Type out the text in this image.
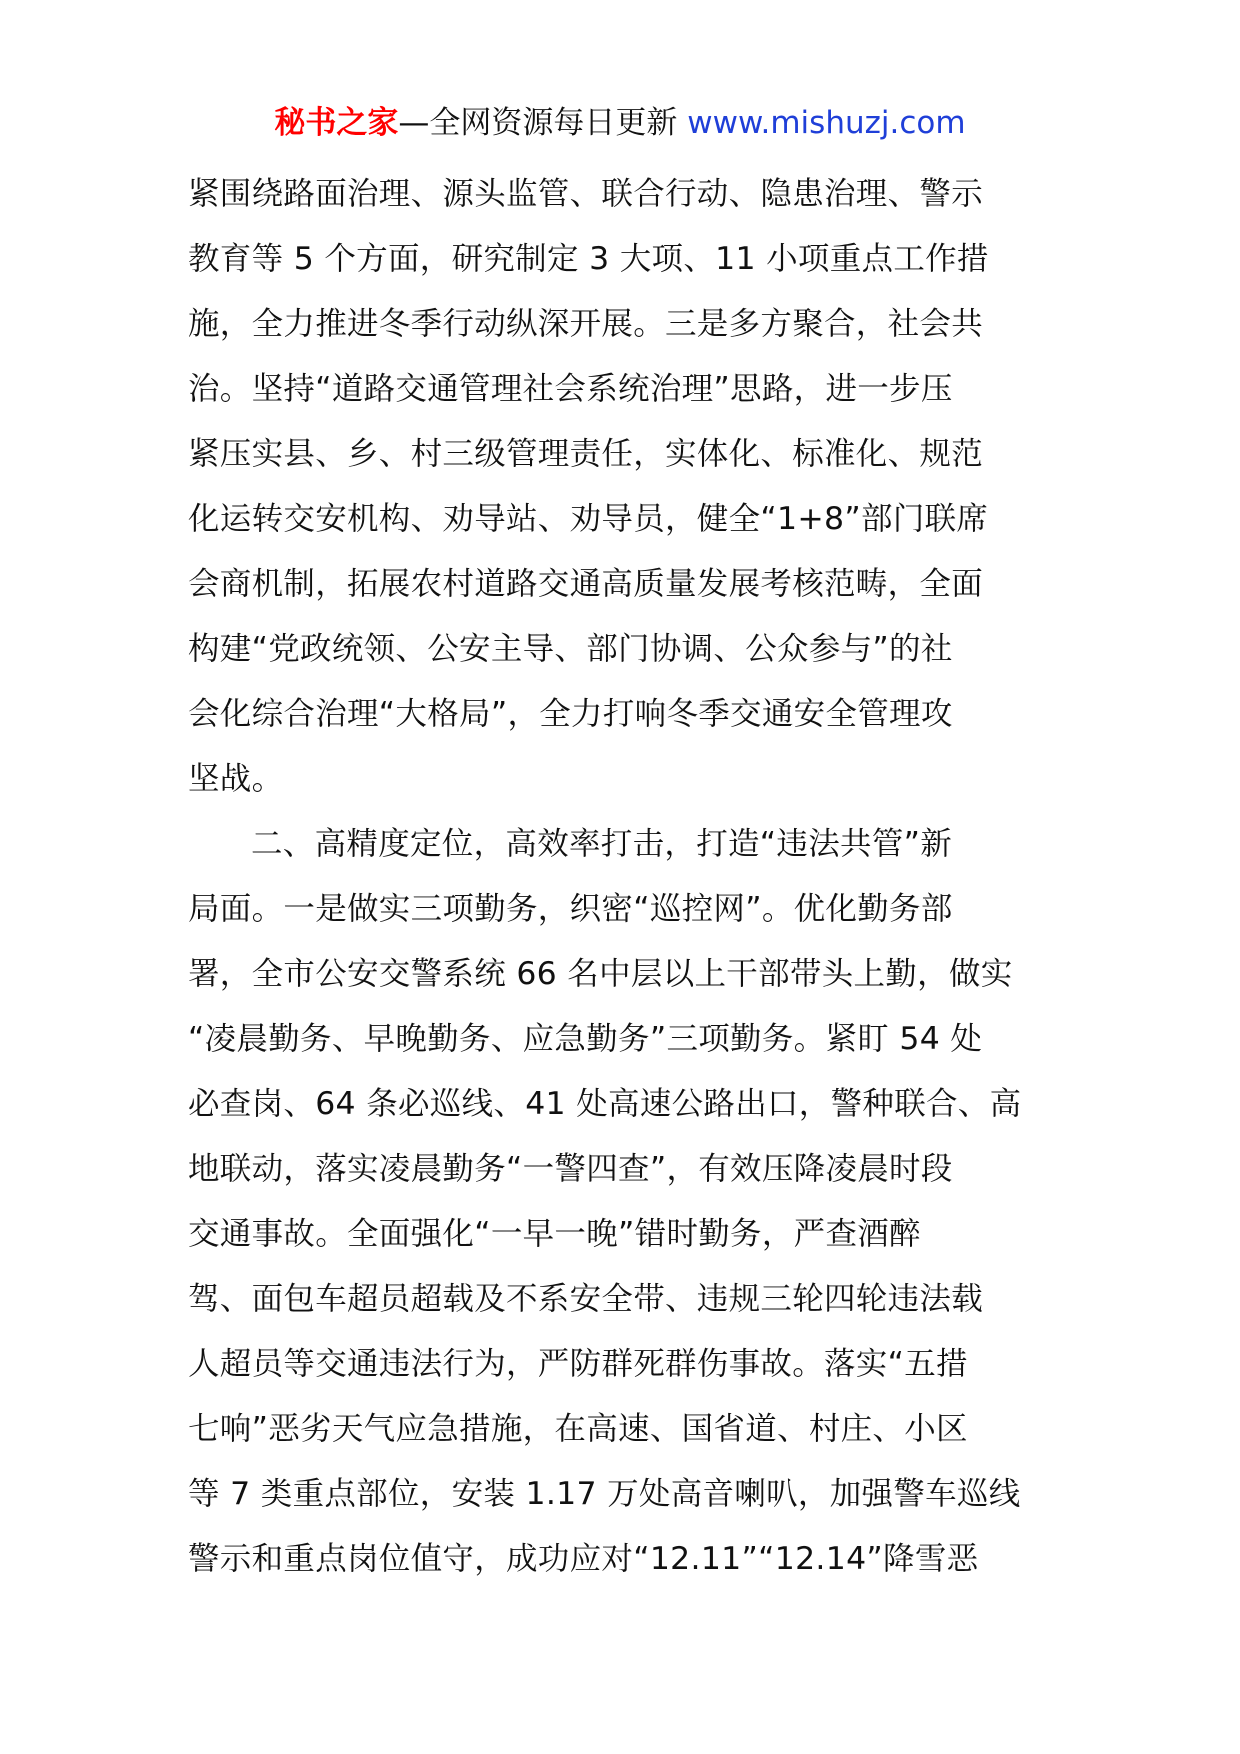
秘书之家—全网资源每日更新 www.mishuzj.com
紧围绕路面治理、源头监管、联合行动、隐患治理、警示
教育等 5 个方面，研究制定 3 大项、11 小项重点工作措
施，全力推进冬季行动纵深开展。三是多方聚合，社会共
治。坚持“道路交通管理社会系统治理”思路，进一步压
紧压实县、乡、村三级管理责任，实体化、标准化、规范
化运转交安机构、劝导站、劝导员，健全“1+8”部门联席
会商机制，拓展农村道路交通高质量发展考核范畴，全面
构建“党政统领、公安主导、部门协调、公众参与”的社
会化综合治理“大格局”，全力打响冬季交通安全管理攻
坚战。
二、高精度定位，高效率打击，打造“违法共管”新
局面。一是做实三项勤务，织密“巡控网”。优化勤务部
署，全市公安交警系统 66 名中层以上干部带头上勤，做实
“凌晨勤务、早晚勤务、应急勤务”三项勤务。紧盯 54 处
必查岗、64 条必巡线、41 处高速公路出口，警种联合、高
地联动，落实凌晨勤务“一警四查”，有效压降凌晨时段
交通事故。全面强化“一早一晚”错时勤务，严查酒醉
驾、面包车超员超载及不系安全带、违规三轮四轮违法载
人超员等交通违法行为，严防群死群伤事故。落实“五措
七响”恶劣天气应急措施，在高速、国省道、村庄、小区
等 7 类重点部位，安装 1.17 万处高音喇叭，加强警车巡线
警示和重点岗位值守，成功应对“12.11”“12.14”降雪恶
